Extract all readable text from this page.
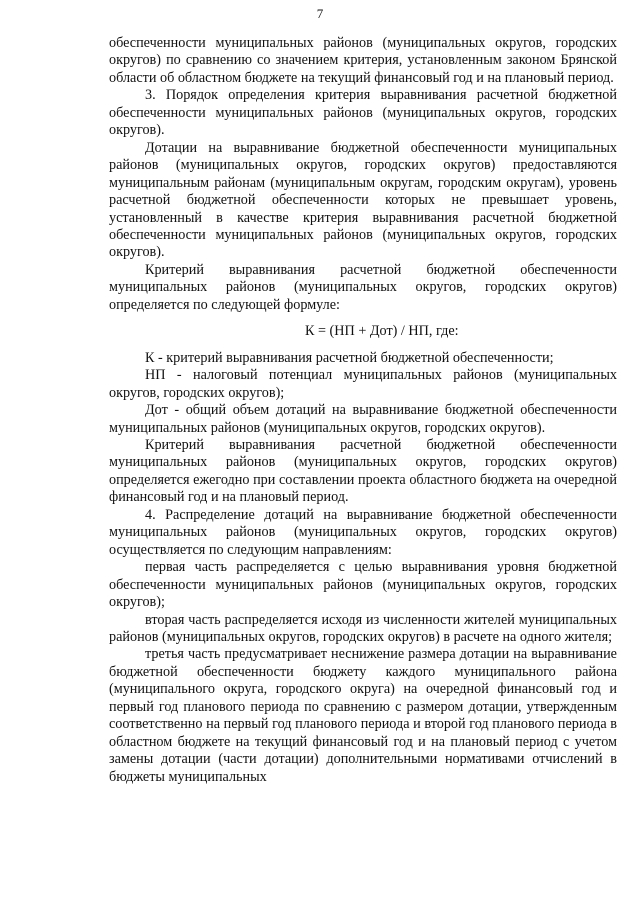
7

обеспеченности муниципальных районов (муниципальных округов, городских округов) по сравнению со значением критерия, установленным законом Брянской области об областном бюджете на текущий финансовый год и на плановый период.

3. Порядок определения критерия выравнивания расчетной бюджетной обеспеченности муниципальных районов (муниципальных округов, городских округов).

Дотации на выравнивание бюджетной обеспеченности муниципальных районов (муниципальных округов, городских округов) предоставляются муниципальным районам (муниципальным округам, городским округам), уровень расчетной бюджетной обеспеченности которых не превышает уровень, установленный в качестве критерия выравнивания расчетной бюджетной обеспеченности муниципальных районов (муниципальных округов, городских округов).

Критерий выравнивания расчетной бюджетной обеспеченности муниципальных районов (муниципальных округов, городских округов) определяется по следующей формуле:

К = (НП + Дот) / НП, где:

К - критерий выравнивания расчетной бюджетной обеспеченности;

НП - налоговый потенциал муниципальных районов (муниципальных округов, городских округов);

Дот - общий объем дотаций на выравнивание бюджетной обеспеченности муниципальных районов (муниципальных округов, городских округов).

Критерий выравнивания расчетной бюджетной обеспеченности муниципальных районов (муниципальных округов, городских округов) определяется ежегодно при составлении проекта областного бюджета на очередной финансовый год и на плановый период.

4. Распределение дотаций на выравнивание бюджетной обеспеченности муниципальных районов (муниципальных округов, городских округов) осуществляется по следующим направлениям:

первая часть распределяется с целью выравнивания уровня бюджетной обеспеченности муниципальных районов (муниципальных округов, городских округов);

вторая часть распределяется исходя из численности жителей муниципальных районов (муниципальных округов, городских округов) в расчете на одного жителя;

третья часть предусматривает неснижение размера дотации на выравнивание бюджетной обеспеченности бюджету каждого муниципального района (муниципального округа, городского округа) на очередной финансовый год и первый год планового периода по сравнению с размером дотации, утвержденным соответственно на первый год планового периода и второй год планового периода в областном бюджете на текущий финансовый год и на плановый период с учетом замены дотации (части дотации) дополнительными нормативами отчислений в бюджеты муниципальных
